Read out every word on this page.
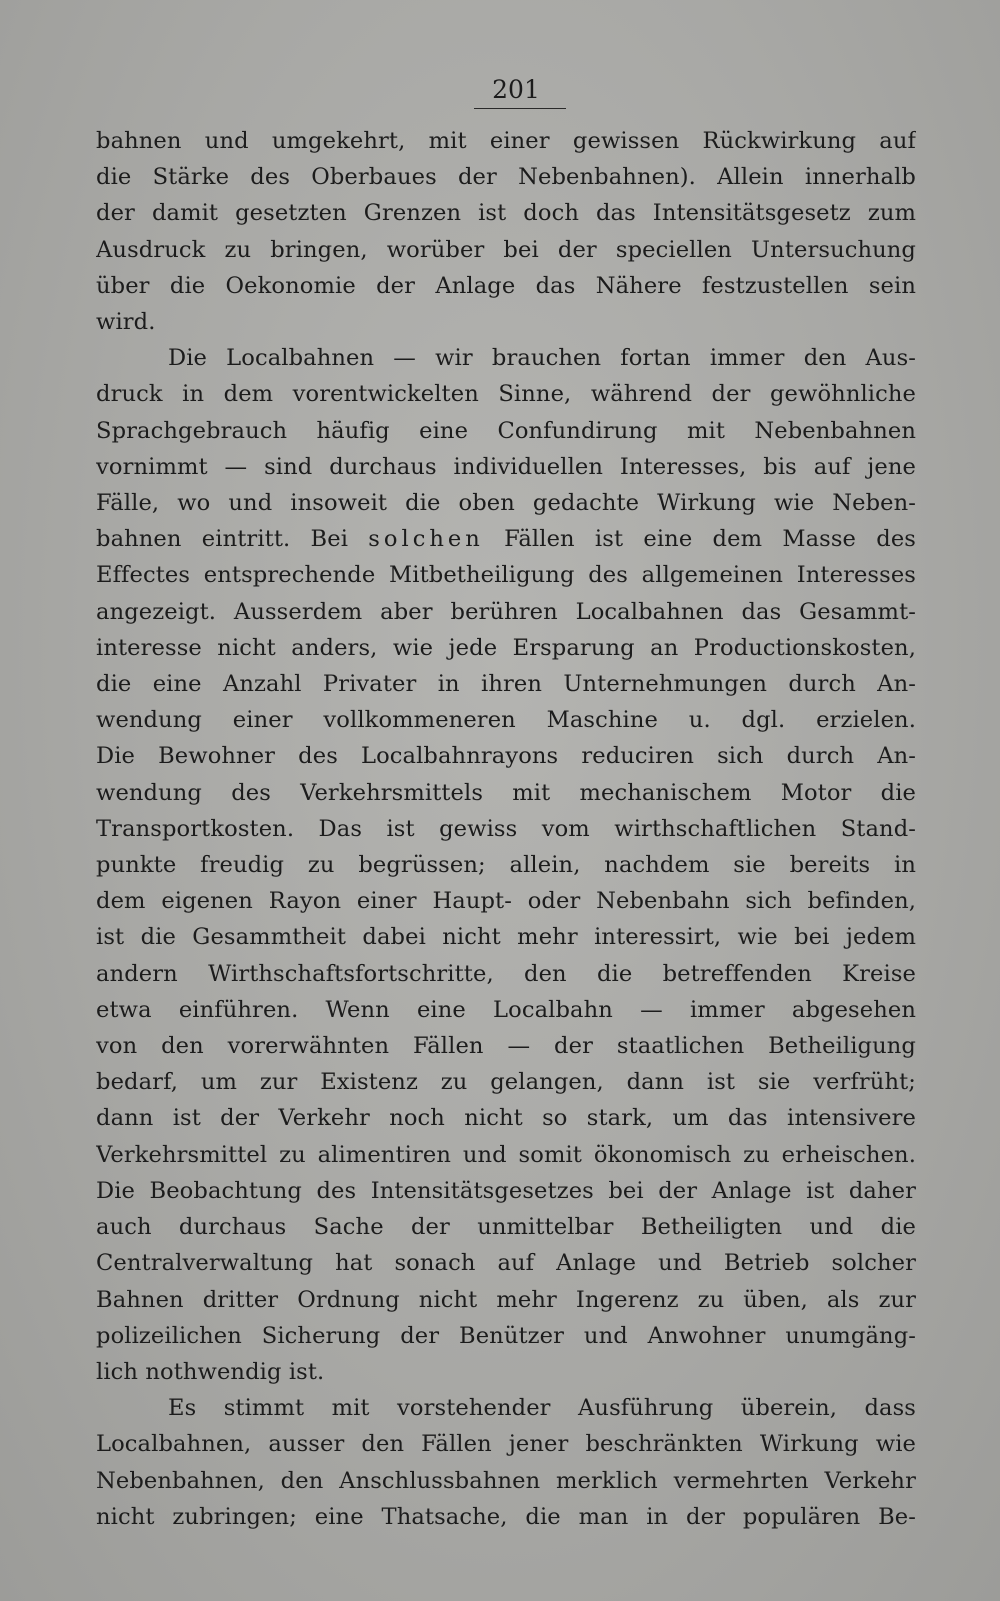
201
bahnen und umgekehrt, mit einer gewissen Rückwirkung auf
die Stärke des Oberbaues der Nebenbahnen). Allein innerhalb
der damit gesetzten Grenzen ist doch das Intensitätsgesetz zum
Ausdruck zu bringen, worüber bei der speciellen Untersuchung
über die Oekonomie der Anlage das Nähere festzustellen sein
wird.
Die Localbahnen — wir brauchen fortan immer den Aus-
druck in dem vorentwickelten Sinne, während der gewöhnliche
Sprachgebrauch häufig eine Confundirung mit Nebenbahnen
vornimmt — sind durchaus individuellen Interesses, bis auf jene
Fälle, wo und insoweit die oben gedachte Wirkung wie Neben-
bahnen eintritt. Bei solchen Fällen ist eine dem Masse des
Effectes entsprechende Mitbetheiligung des allgemeinen Interesses
angezeigt. Ausserdem aber berühren Localbahnen das Gesammt-
interesse nicht anders, wie jede Ersparung an Productionskosten,
die eine Anzahl Privater in ihren Unternehmungen durch An-
wendung einer vollkommeneren Maschine u. dgl. erzielen.
Die Bewohner des Localbahnrayons reduciren sich durch An-
wendung des Verkehrsmittels mit mechanischem Motor die
Transportkosten. Das ist gewiss vom wirthschaftlichen Stand-
punkte freudig zu begrüssen; allein, nachdem sie bereits in
dem eigenen Rayon einer Haupt- oder Nebenbahn sich befinden,
ist die Gesammtheit dabei nicht mehr interessirt, wie bei jedem
andern Wirthschaftsfortschritte, den die betreffenden Kreise
etwa einführen. Wenn eine Localbahn — immer abgesehen
von den vorerwähnten Fällen — der staatlichen Betheiligung
bedarf, um zur Existenz zu gelangen, dann ist sie verfrüht;
dann ist der Verkehr noch nicht so stark, um das intensivere
Verkehrsmittel zu alimentiren und somit ökonomisch zu erheischen.
Die Beobachtung des Intensitätsgesetzes bei der Anlage ist daher
auch durchaus Sache der unmittelbar Betheiligten und die
Centralverwaltung hat sonach auf Anlage und Betrieb solcher
Bahnen dritter Ordnung nicht mehr Ingerenz zu üben, als zur
polizeilichen Sicherung der Benützer und Anwohner unumgäng-
lich nothwendig ist.
Es stimmt mit vorstehender Ausführung überein, dass
Localbahnen, ausser den Fällen jener beschränkten Wirkung wie
Nebenbahnen, den Anschlussbahnen merklich vermehrten Verkehr
nicht zubringen; eine Thatsache, die man in der populären Be-
